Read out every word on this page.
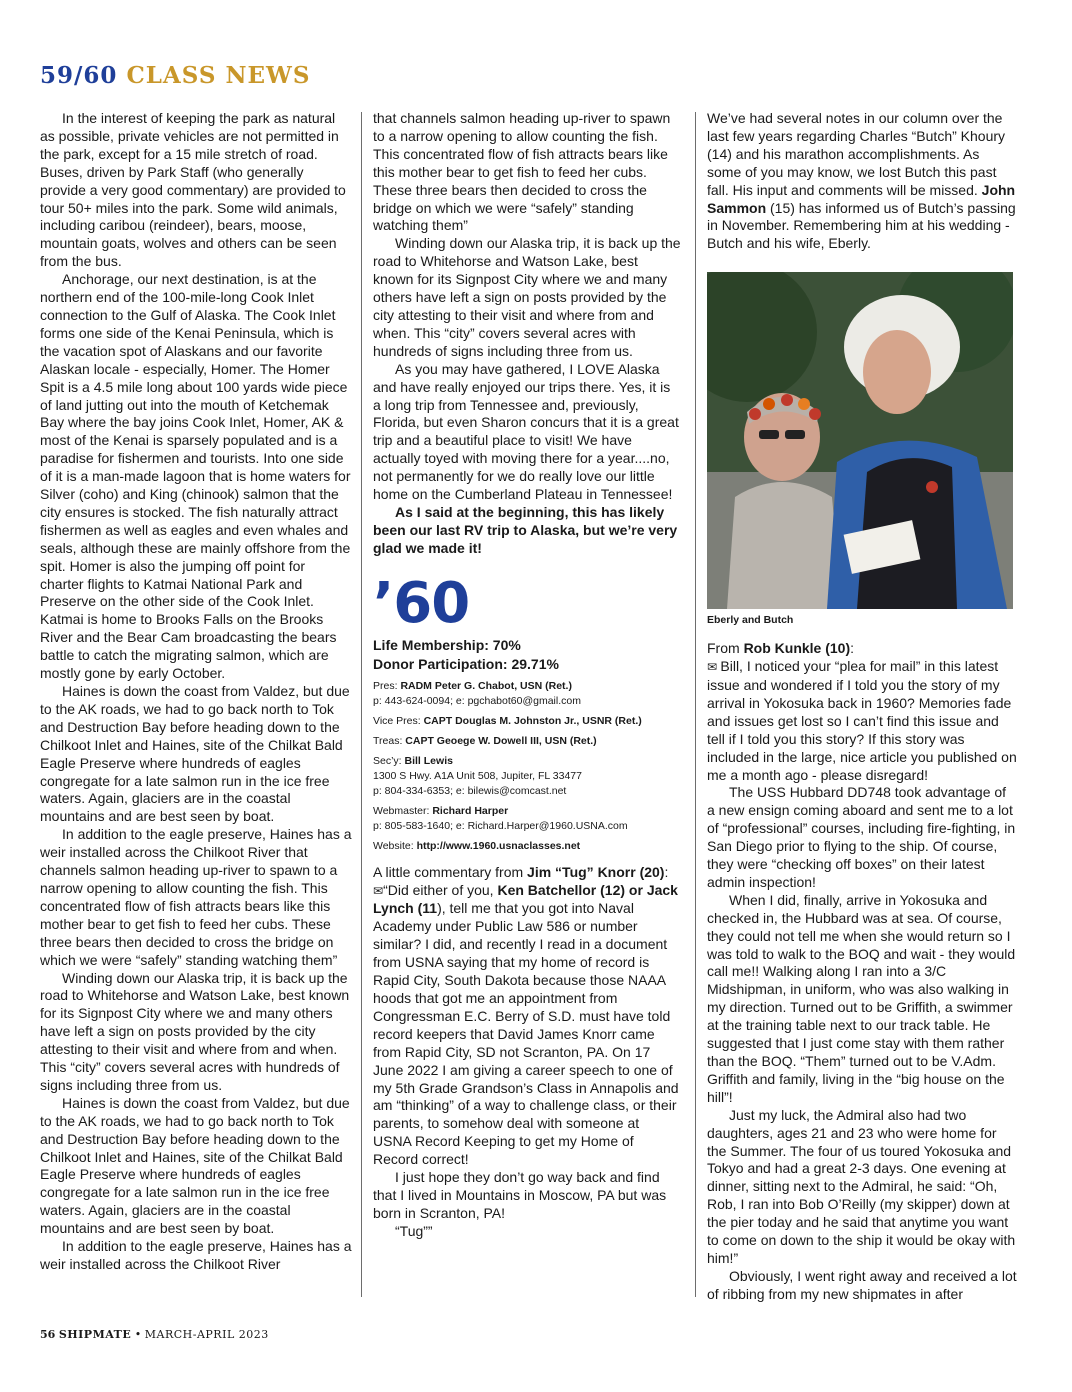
59/60 CLASS NEWS

In the interest of keeping the park as natural as possible, private vehicles are not permitted in the park, except for a 15 mile stretch of road. Buses, driven by Park Staff (who generally provide a very good commentary) are provided to tour 50+ miles into the park. Some wild animals, including caribou (reindeer), bears, moose, mountain goats, wolves and others can be seen from the bus.

Anchorage, our next destination, is at the northern end of the 100-mile-long Cook Inlet connection to the Gulf of Alaska. The Cook Inlet forms one side of the Kenai Peninsula, which is the vacation spot of Alaskans and our favorite Alaskan locale - especially, Homer. The Homer Spit is a 4.5 mile long about 100 yards wide piece of land jutting out into the mouth of Ketchemak Bay where the bay joins Cook Inlet, Homer, AK & most of the Kenai is sparsely populated and is a paradise for fishermen and tourists. Into one side of it is a man-made lagoon that is home waters for Silver (coho) and King (chinook) salmon that the city ensures is stocked. The fish naturally attract fishermen as well as eagles and even whales and seals, although these are mainly offshore from the spit. Homer is also the jumping off point for charter flights to Katmai National Park and Preserve on the other side of the Cook Inlet. Katmai is home to Brooks Falls on the Brooks River and the Bear Cam broadcasting the bears battle to catch the migrating salmon, which are mostly gone by early October.

Haines is down the coast from Valdez, but due to the AK roads, we had to go back north to Tok and Destruction Bay before heading down to the Chilkoot Inlet and Haines, site of the Chilkat Bald Eagle Preserve where hundreds of eagles congregate for a late salmon run in the ice free waters. Again, glaciers are in the coastal mountains and are best seen by boat.

In addition to the eagle preserve, Haines has a weir installed across the Chilkoot River that channels salmon heading up-river to spawn to a narrow opening to allow counting the fish. This concentrated flow of fish attracts bears like this mother bear to get fish to feed her cubs. These three bears then decided to cross the bridge on which we were “safely” standing watching them”

Winding down our Alaska trip, it is back up the road to Whitehorse and Watson Lake, best known for its Signpost City where we and many others have left a sign on posts provided by the city attesting to their visit and where from and when. This “city” covers several acres with hundreds of signs including three from us.

Haines is down the coast from Valdez, but due to the AK roads, we had to go back north to Tok and Destruction Bay before heading down to the Chilkoot Inlet and Haines, site of the Chilkat Bald Eagle Preserve where hundreds of eagles congregate for a late salmon run in the ice free waters. Again, glaciers are in the coastal mountains and are best seen by boat.

In addition to the eagle preserve, Haines has a weir installed across the Chilkoot River

that channels salmon heading up-river to spawn to a narrow opening to allow counting the fish. This concentrated flow of fish attracts bears like this mother bear to get fish to feed her cubs. These three bears then decided to cross the bridge on which we were “safely” standing watching them”

Winding down our Alaska trip, it is back up the road to Whitehorse and Watson Lake, best known for its Signpost City where we and many others have left a sign on posts provided by the city attesting to their visit and where from and when. This “city” covers several acres with hundreds of signs including three from us.

As you may have gathered, I LOVE Alaska and have really enjoyed our trips there. Yes, it is a long trip from Tennessee and, previously, Florida, but even Sharon concurs that it is a great trip and a beautiful place to visit! We have actually toyed with moving there for a year....no, not permanently for we do really love our little home on the Cumberland Plateau in Tennessee!

As I said at the beginning, this has likely been our last RV trip to Alaska, but we’re very glad we made it!

’60
Life Membership: 70%
Donor Participation: 29.71%
Pres: RADM Peter G. Chabot, USN (Ret.)
p: 443-624-0094; e: pgchabot60@gmail.com
Vice Pres: CAPT Douglas M. Johnston Jr., USNR (Ret.)
Treas: CAPT Geoege W. Dowell III, USN (Ret.)
Sec’y: Bill Lewis
1300 S Hwy. A1A Unit 508, Jupiter, FL 33477
p: 804-334-6353; e: bilewis@comcast.net
Webmaster: Richard Harper
p: 805-583-1640; e: Richard.Harper@1960.USNA.com
Website: http://www.1960.usnaclasses.net

A little commentary from Jim “Tug” Knorr (20):

✉“Did either of you, Ken Batchellor (12) or Jack Lynch (11), tell me that you got into Naval Academy under Public Law 586 or number similar? I did, and recently I read in a document from USNA saying that my home of record is Rapid City, South Dakota because those NAAA hoods that got me an appointment from Congressman E.C. Berry of S.D. must have told record keepers that David James Knorr came from Rapid City, SD not Scranton, PA. On 17 June 2022 I am giving a career speech to one of my 5th Grade Grandson’s Class in Annapolis and am “thinking” of a way to challenge class, or their parents, to somehow deal with someone at USNA Record Keeping to get my Home of Record correct!

I just hope they don’t go way back and find that I lived in Mountains in Moscow, PA but was born in Scranton, PA!

“Tug””

We’ve had several notes in our column over the last few years regarding Charles “Butch” Khoury (14) and his marathon accomplishments. As some of you may know, we lost Butch this past fall. His input and comments will be missed. John Sammon (15) has informed us of Butch’s passing in November. Remembering him at his wedding - Butch and his wife, Eberly.

Eberly and Butch

From Rob Kunkle (10):

✉ Bill, I noticed your “plea for mail” in this latest issue and wondered if I told you the story of my arrival in Yokosuka back in 1960? Memories fade and issues get lost so I can’t find this issue and tell if I told you this story? If this story was included in the large, nice article you published on me a month ago - please disregard!

The USS Hubbard DD748 took advantage of a new ensign coming aboard and sent me to a lot of “professional” courses, including fire-fighting, in San Diego prior to flying to the ship. Of course, they were “checking off boxes” on their latest admin inspection!

When I did, finally, arrive in Yokosuka and checked in, the Hubbard was at sea. Of course, they could not tell me when she would return so I was told to walk to the BOQ and wait - they would call me!! Walking along I ran into a 3/C Midshipman, in uniform, who was also walking in my direction. Turned out to be Griffith, a swimmer at the training table next to our track table. He suggested that I just come stay with them rather than the BOQ. “Them” turned out to be V.Adm. Griffith and family, living in the “big house on the hill”!

Just my luck, the Admiral also had two daughters, ages 21 and 23 who were home for the Summer. The four of us toured Yokosuka and Tokyo and had a great 2-3 days. One evening at dinner, sitting next to the Admiral, he said: “Oh, Rob, I ran into Bob O’Reilly (my skipper) down at the pier today and he said that anytime you want to come on down to the ship it would be okay with him!”

Obviously, I went right away and received a lot of ribbing from my new shipmates in after

56 SHIPMATE • MARCH-APRIL 2023
